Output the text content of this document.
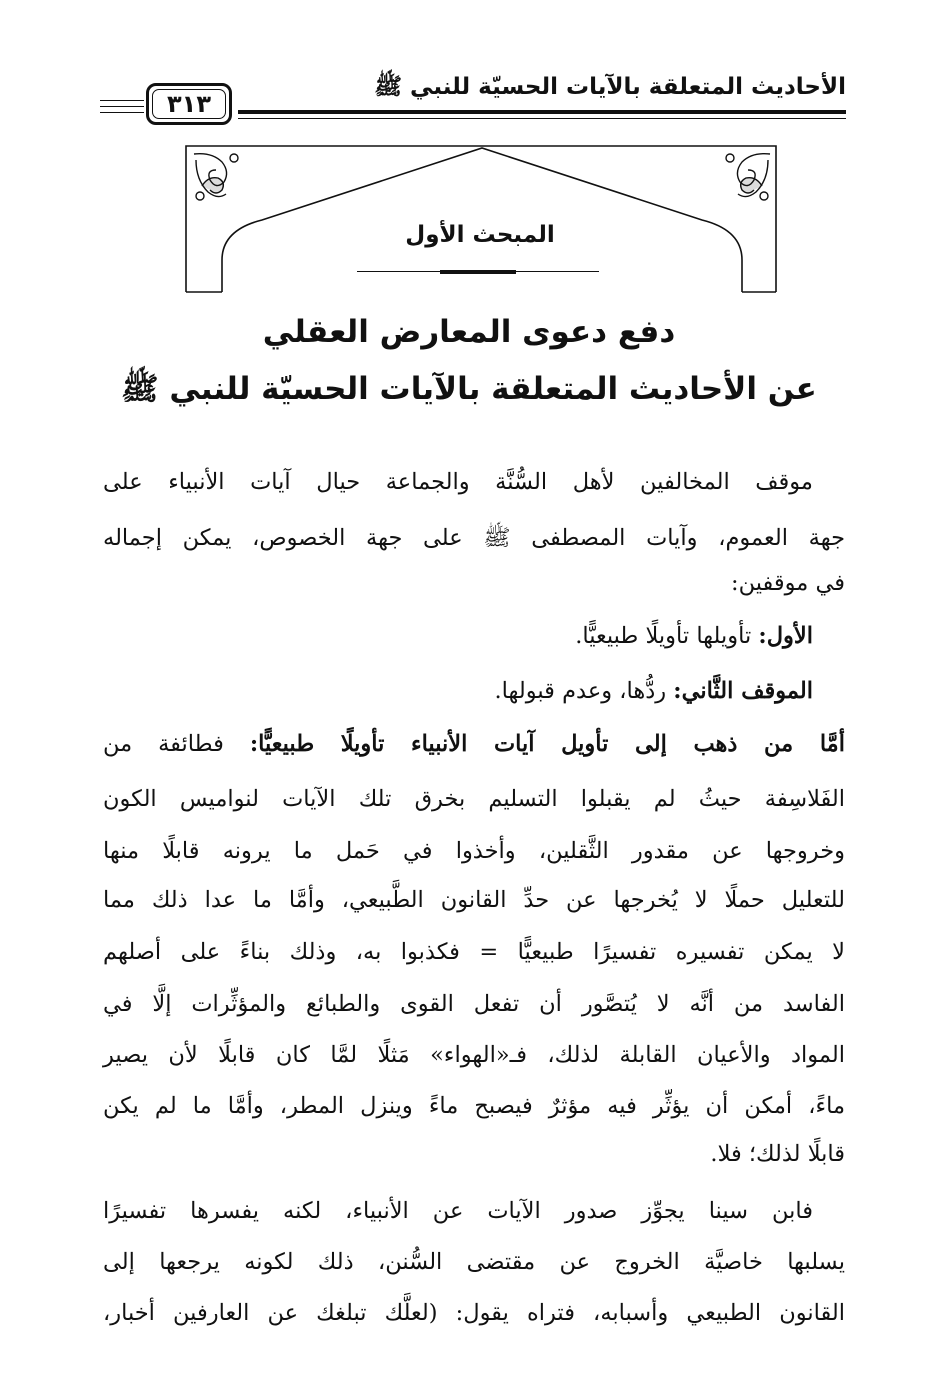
الأحاديث المتعلقة بالآيات الحسيّة للنبي ﷺ
٣١٣
المبحث الأول
دفع دعوى المعارض العقلي
عن الأحاديث المتعلقة بالآيات الحسيّة للنبي ﷺ
موقف المخالفين لأهل السُّنَّة والجماعة حيال آيات الأنبياء على
جهة العموم، وآيات المصطفى ﷺ على جهة الخصوص، يمكن إجماله
في موقفين:
الأول: تأويلها تأويلًا طبيعيًّا.
الموقف الثَّاني: ردُّها، وعدم قبولها.
أمَّا من ذهب إلى تأويل آيات الأنبياء تأويلًا طبيعيًّا: فطائفة من
الفَلاسِفة حيثُ لم يقبلوا التسليم بخرق تلك الآيات لنواميس الكون
وخروجها عن مقدور الثَّقلين، وأخذوا في حَمل ما يرونه قابلًا منها
للتعليل حملًا لا يُخرجها عن حدِّ القانون الطَّبيعي، وأمَّا ما عدا ذلك مما
لا يمكن تفسيره تفسيرًا طبيعيًّا = فكذبوا به، وذلك بناءً على أصلهم
الفاسد من أنَّه لا يُتصَّور أن تفعل القوى والطبائع والمؤثِّرات إلَّا في
المواد والأعيان القابلة لذلك، فـ«الهواء» مَثلًا لمَّا كان قابلًا لأن يصير
ماءً، أمكن أن يؤثِّر فيه مؤثرٌ فيصبح ماءً وينزل المطر، وأمَّا ما لم يكن
قابلًا لذلك؛ فلا.
فابن سينا يجوِّز صدور الآيات عن الأنبياء، لكنه يفسرها تفسيرًا
يسلبها خاصيَّة الخروج عن مقتضى السُّنن، ذلك لكونه يرجعها إلى
القانون الطبيعي وأسبابه، فتراه يقول: (لعلَّك تبلغك عن العارفين أخبار،
